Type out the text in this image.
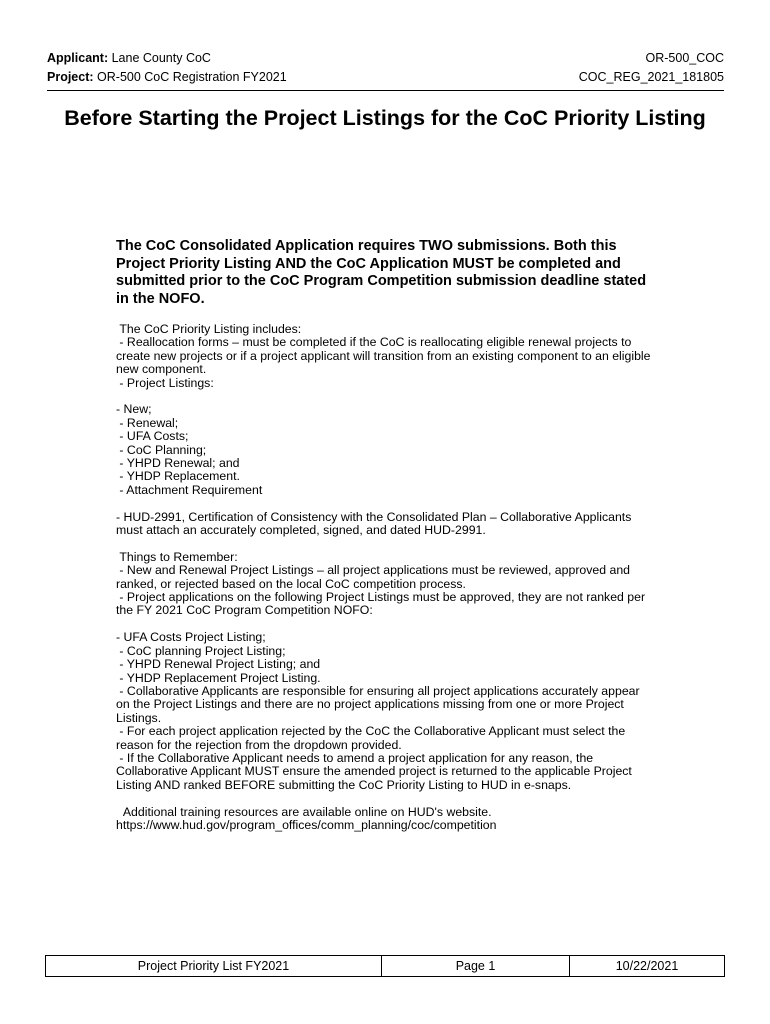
Applicant: Lane County CoC
Project: OR-500 CoC Registration FY2021
OR-500_COC
COC_REG_2021_181805
Before Starting the Project Listings for the CoC Priority Listing
The CoC Consolidated Application requires TWO submissions. Both this Project Priority Listing AND the CoC Application MUST be completed and submitted prior to the CoC Program Competition submission deadline stated in the NOFO.

The CoC Priority Listing includes:
- Reallocation forms – must be completed if the CoC is reallocating eligible renewal projects to create new projects or if a project applicant will transition from an existing component to an eligible new component.
- Project Listings:

- New;
- Renewal;
- UFA Costs;
- CoC Planning;
- YHPD Renewal; and
- YHDP Replacement.
- Attachment Requirement

- HUD-2991, Certification of Consistency with the Consolidated Plan – Collaborative Applicants must attach an accurately completed, signed, and dated HUD-2991.

Things to Remember:
- New and Renewal Project Listings – all project applications must be reviewed, approved and ranked, or rejected based on the local CoC competition process.
- Project applications on the following Project Listings must be approved, they are not ranked per the FY 2021 CoC Program Competition NOFO:

- UFA Costs Project Listing;
- CoC planning Project Listing;
- YHPD Renewal Project Listing; and
- YHDP Replacement Project Listing.
- Collaborative Applicants are responsible for ensuring all project applications accurately appear on the Project Listings and there are no project applications missing from one or more Project Listings.
- For each project application rejected by the CoC the Collaborative Applicant must select the reason for the rejection from the dropdown provided.
- If the Collaborative Applicant needs to amend a project application for any reason, the Collaborative Applicant MUST ensure the amended project is returned to the applicable Project Listing AND ranked BEFORE submitting the CoC Priority Listing to HUD in e-snaps.

Additional training resources are available online on HUD's website.
https://www.hud.gov/program_offices/comm_planning/coc/competition

Project Priority List FY2021	Page 1	10/22/2021
